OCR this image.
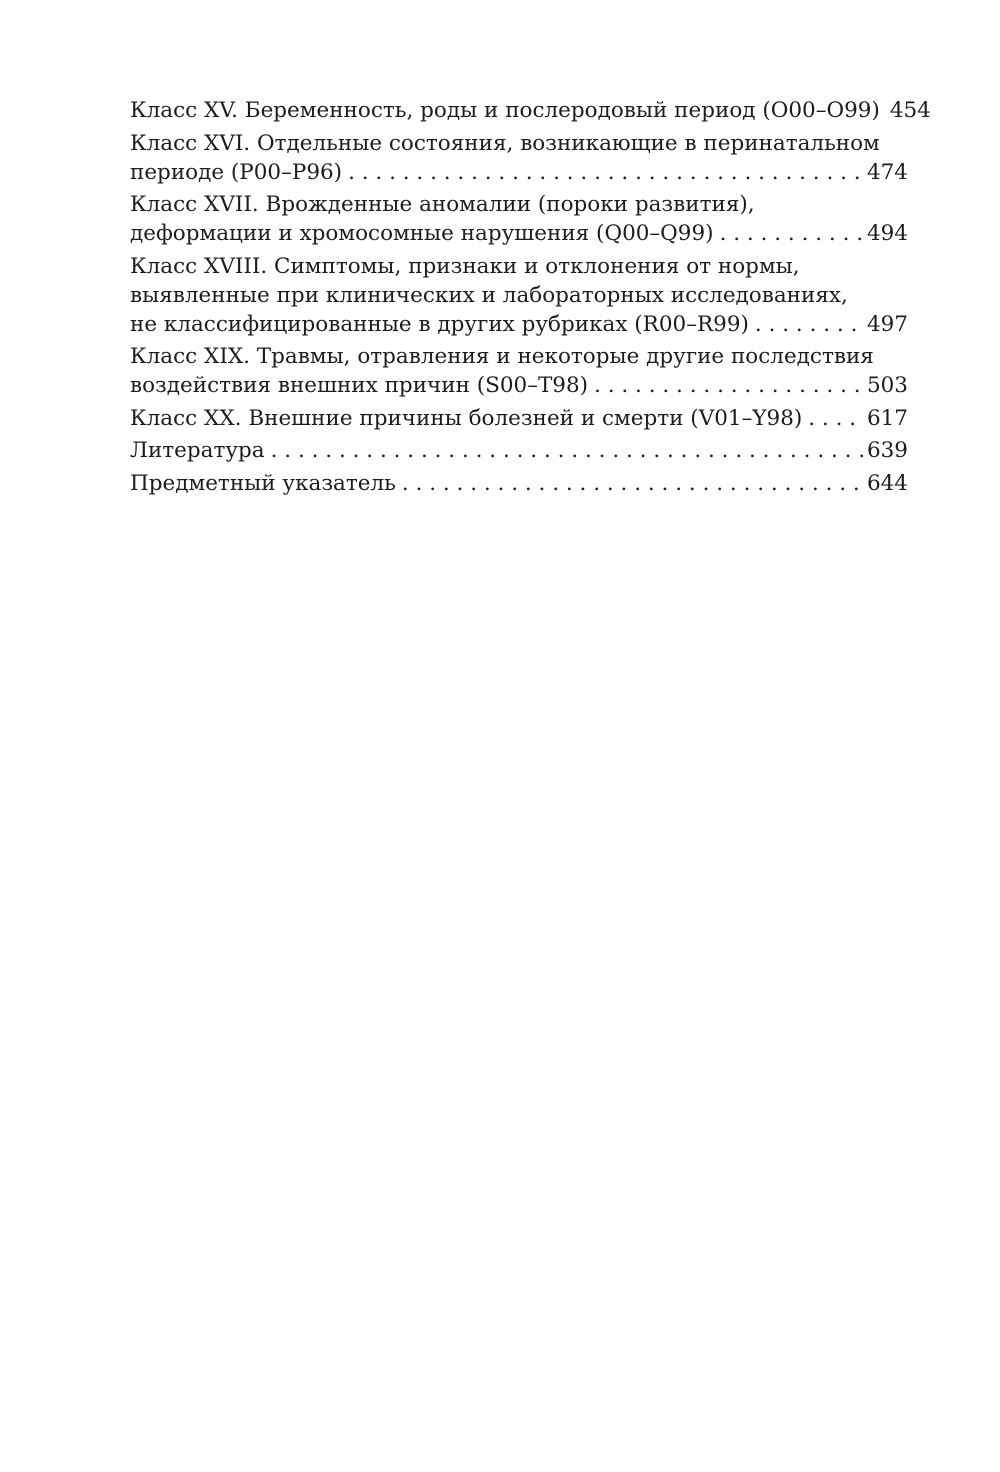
Класс XV. Беременность, роды и послеродовый период (O00–O99) 454
Класс XVI. Отдельные состояния, возникающие в перинатальном
периоде (P00–P96) . . .	474
Класс XVII. Врожденные аномалии (пороки развития),
деформации и хромосомные нарушения (Q00–Q99) . . .	494
Класс XVIII. Симптомы, признаки и отклонения от нормы,
выявленные при клинических и лабораторных исследованиях,
не классифицированные в других рубриках (R00–R99) . . .	497
Класс XIX. Травмы, отравления и некоторые другие последствия
воздействия внешних причин (S00–T98) . . .	503
Класс XX. Внешние причины болезней и смерти (V01–Y98) . . .	617
Литература . . .	639
Предметный указатель . . .	644
